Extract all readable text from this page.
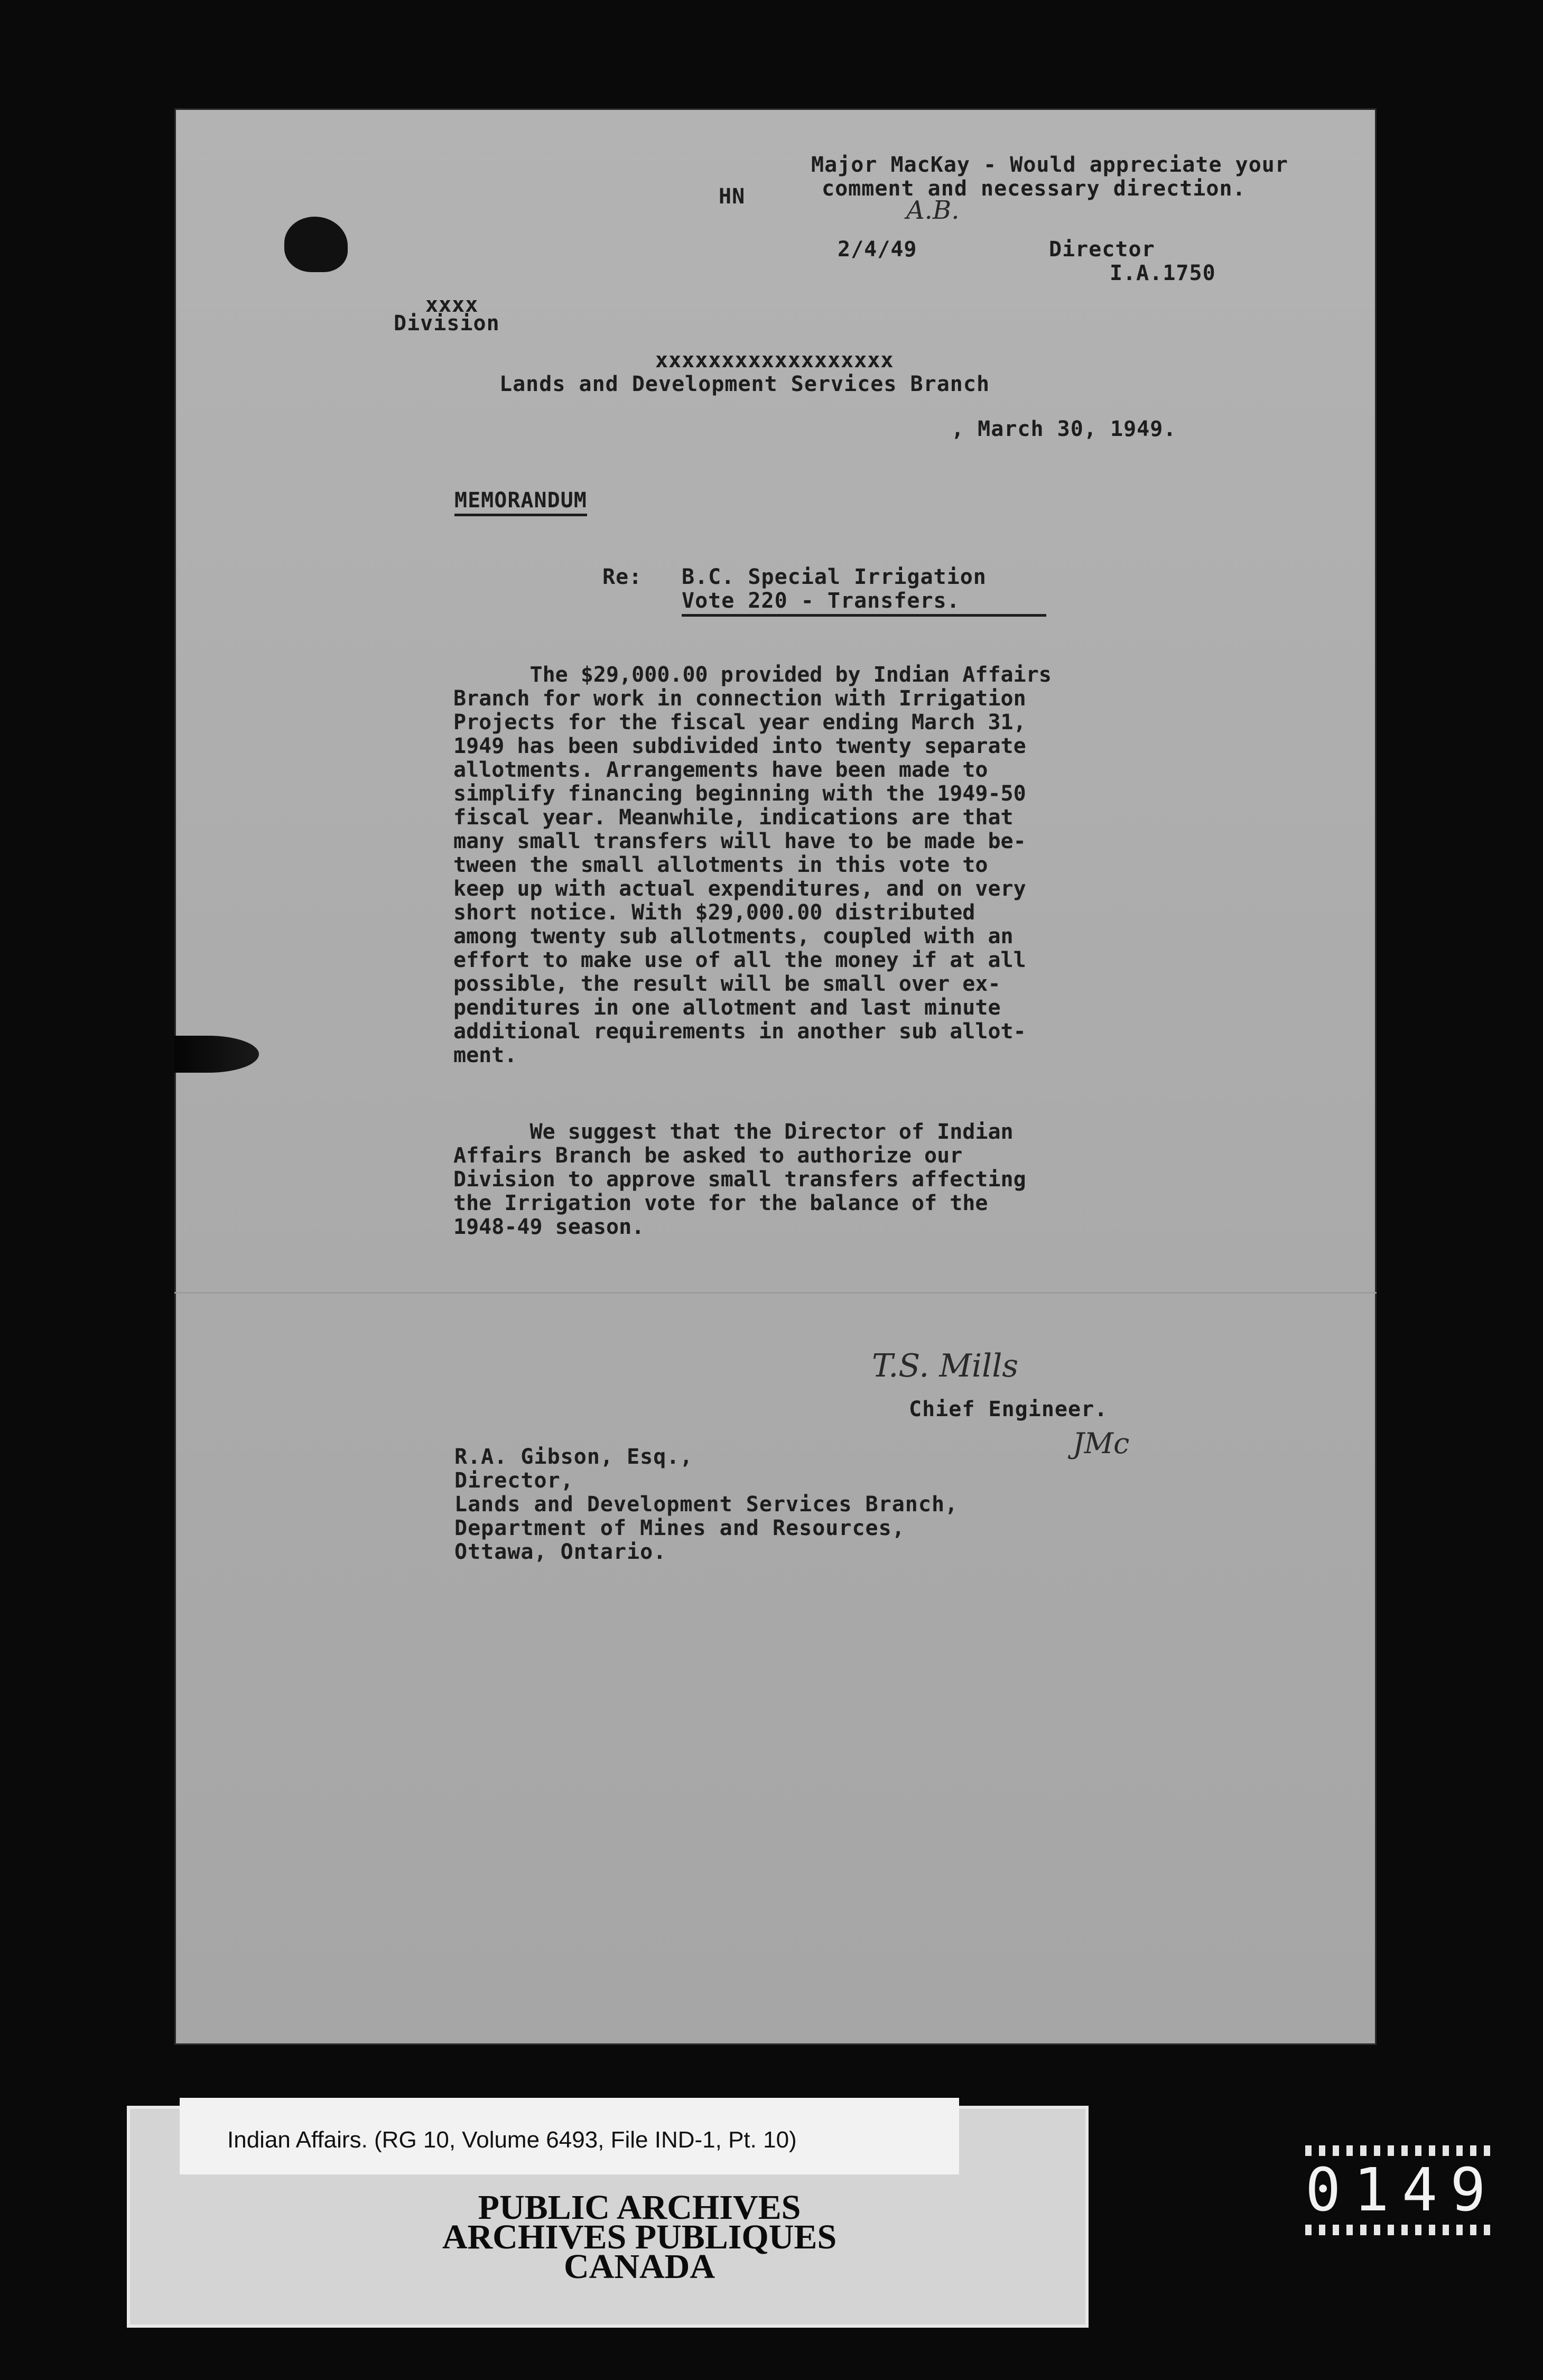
Major MacKay - Would appreciate your
comment and necessary direction.
A.B.
HN
2/4/49	Director
I.A.1750
xxxx
Division
xxxxxxxxxxxxxxxxxx
Lands and Development Services Branch
, March 30, 1949.
MEMORANDUM
Re: B.C. Special Irrigation
Vote 220 - Transfers.
The $29,000.00 provided by Indian Affairs
Branch for work in connection with Irrigation
Projects for the fiscal year ending March 31,
1949 has been subdivided into twenty separate
allotments. Arrangements have been made to
simplify financing beginning with the 1949-50
fiscal year. Meanwhile, indications are that
many small transfers will have to be made be-
tween the small allotments in this vote to
keep up with actual expenditures, and on very
short notice. With $29,000.00 distributed
among twenty sub allotments, coupled with an
effort to make use of all the money if at all
possible, the result will be small over ex-
penditures in one allotment and last minute
additional requirements in another sub allot-
ment.
We suggest that the Director of Indian
Affairs Branch be asked to authorize our
Division to approve small transfers affecting
the Irrigation vote for the balance of the
1948-49 season.
T.S. Mills
Chief Engineer.
JMc
R.A. Gibson, Esq.,
Director,
Lands and Development Services Branch,
Department of Mines and Resources,
Ottawa, Ontario.
Indian Affairs. (RG 10, Volume 6493, File IND-1, Pt. 10)
PUBLIC ARCHIVES
ARCHIVES PUBLIQUES
CANADA
0149
